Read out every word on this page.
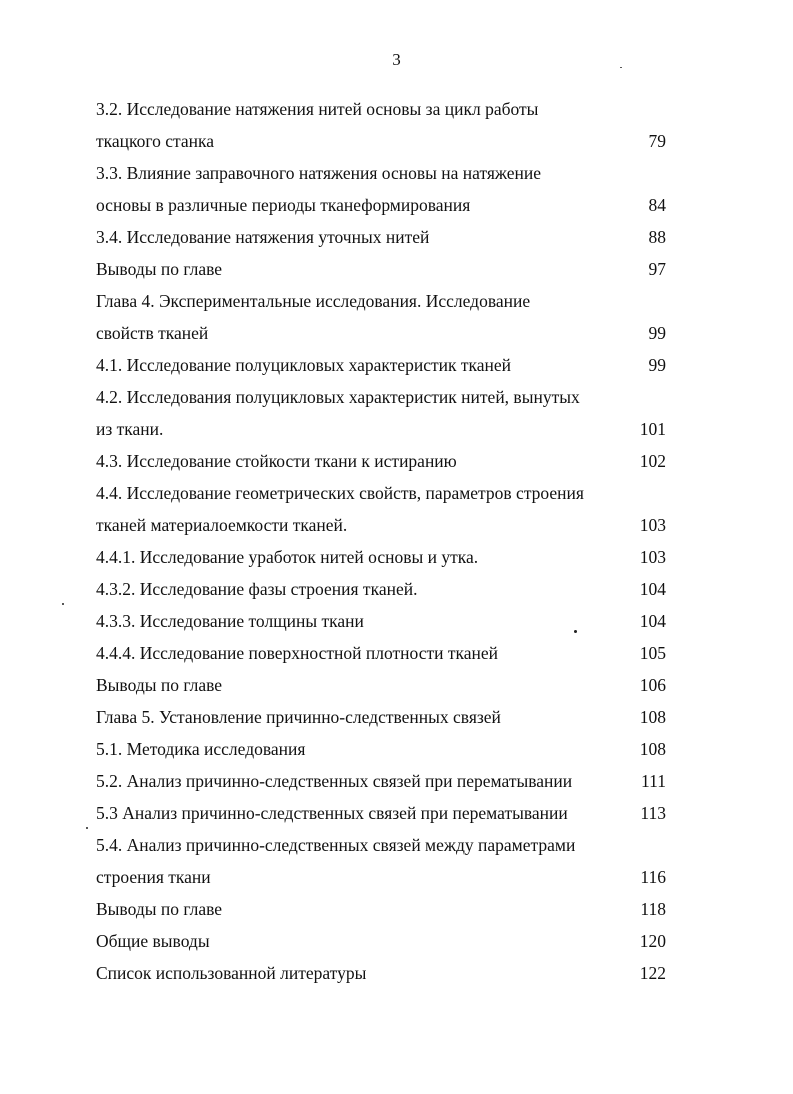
3
3.2. Исследование натяжения нитей основы за цикл работы
ткацкого станка	79
3.3. Влияние заправочного натяжения основы на натяжение
основы в различные периоды тканеформирования	84
3.4. Исследование натяжения уточных нитей	88
Выводы по главе	97
Глава 4. Экспериментальные исследования. Исследование
свойств тканей	99
4.1. Исследование полуцикловых характеристик тканей	99
4.2. Исследования полуцикловых характеристик нитей, вынутых
из ткани.	101
4.3. Исследование стойкости ткани к истиранию	102
4.4. Исследование геометрических свойств, параметров строения
тканей материалоемкости тканей.	103
4.4.1. Исследование уработок нитей основы и утка.	103
4.3.2. Исследование фазы строения тканей.	104
4.3.3. Исследование толщины ткани	104
4.4.4. Исследование поверхностной плотности тканей	105
Выводы по главе	106
Глава 5. Установление причинно-следственных связей	108
5.1. Методика исследования	108
5.2. Анализ причинно-следственных связей при перематывании	111
5.3 Анализ причинно-следственных связей при перематывании	113
5.4. Анализ причинно-следственных связей между параметрами
строения ткани	116
Выводы по главе	118
Общие выводы	120
Список использованной литературы	122
